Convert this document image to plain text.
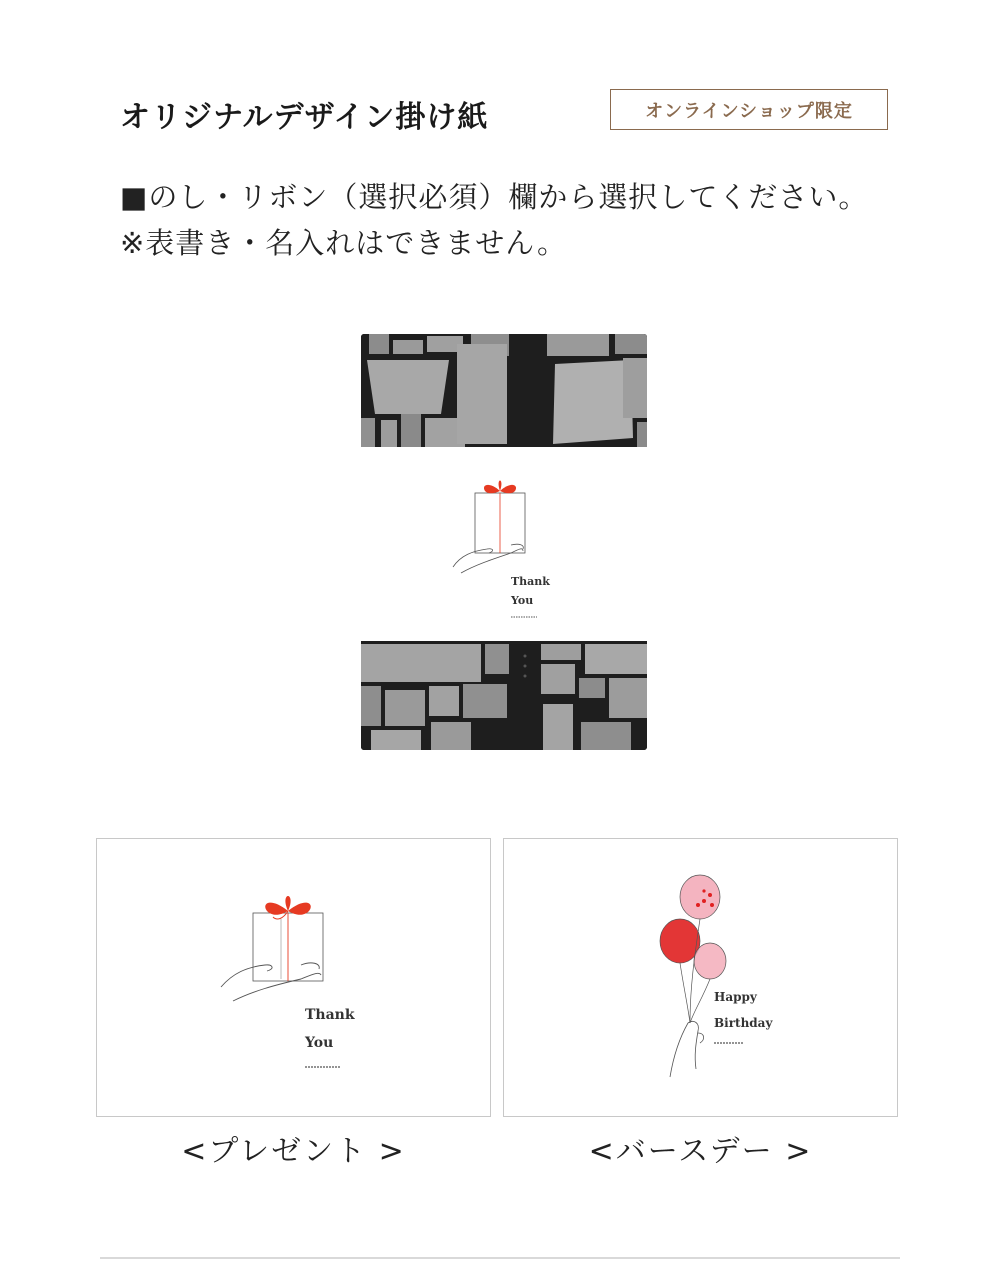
オリジナルデザイン掛け紙	オンラインショップ限定
■のし・リボン（選択必須）欄から選択してください。
※表書き・名入れはできません。
Thank
You
Thank
You
<プレゼント >
Happy
Birthday
<バースデー >
